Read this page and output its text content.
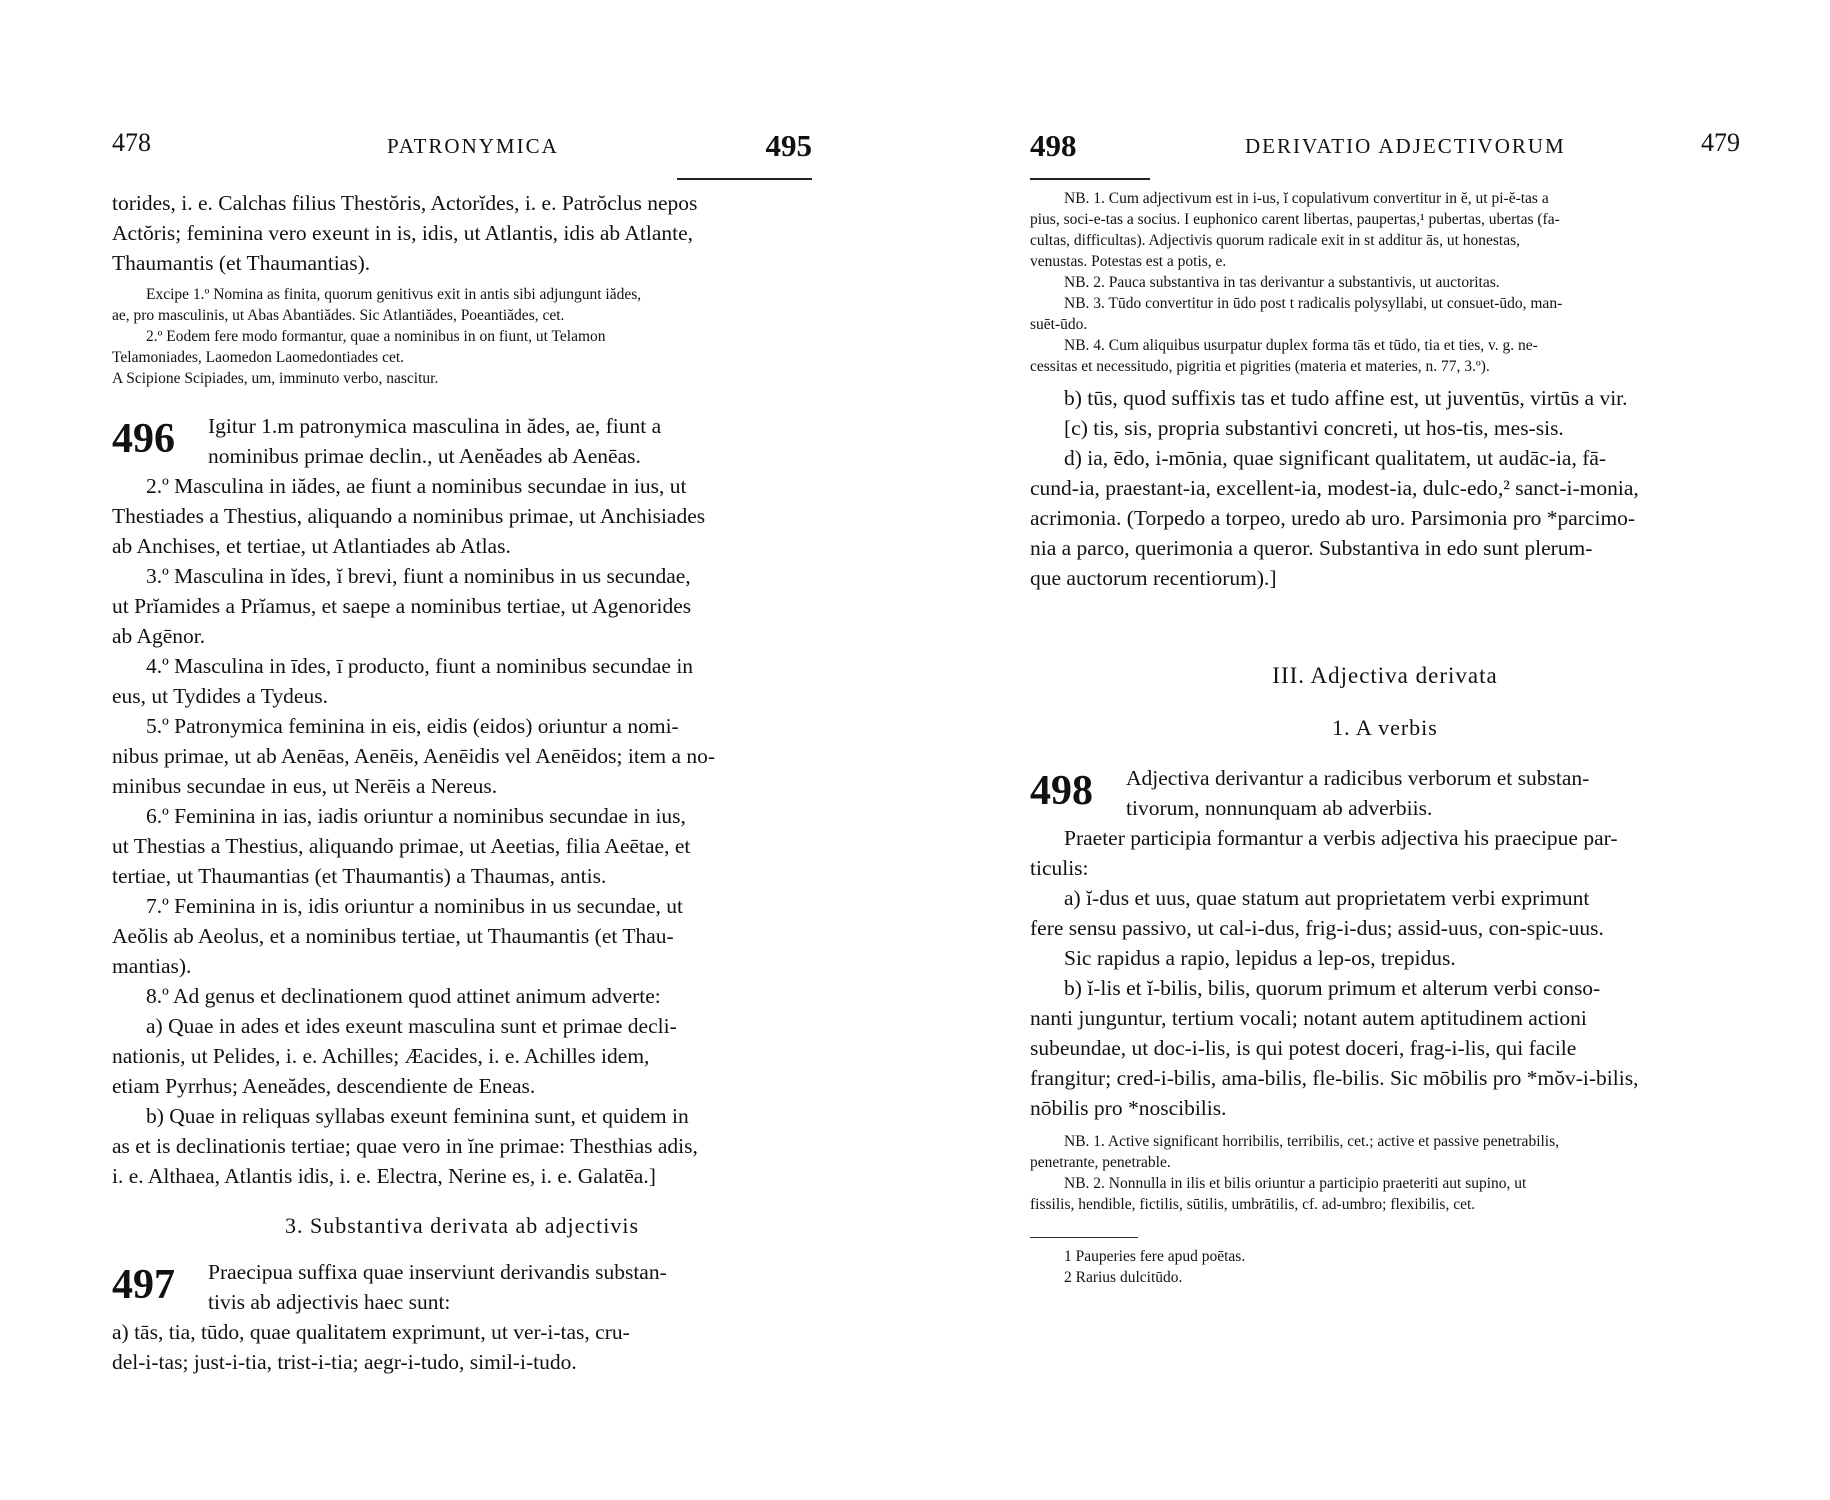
478	PATRONYMICA	495

torides, i. e. Calchas filius Thestŏris, Actorĭdes, i. e. Patrŏclus nepos

Actŏris; feminina vero exeunt in is, idis, ut Atlantis, idis ab Atlante,

Thaumantis (et Thaumantias).

Excipe 1.º Nomina as finita, quorum genitivus exit in antis sibi adjungunt iădes,

ae, pro masculinis, ut Abas Abantiădes. Sic Atlantiădes, Poeantiădes, cet.

2.º Eodem fere modo formantur, quae a nominibus in on fiunt, ut Telamon

Telamoniades, Laomedon Laomedontiades cet.

A Scipione Scipiades, um, imminuto verbo, nascitur.

496	Igitur 1.m patronymica masculina in ădes, ae, fiunt a

nominibus primae declin., ut Aenĕades ab Aenēas.

2.º Masculina in iădes, ae fiunt a nominibus secundae in ius, ut

Thestiades a Thestius, aliquando a nominibus primae, ut Anchisiades

ab Anchises, et tertiae, ut Atlantiades ab Atlas.

3.º Masculina in ĭdes, ĭ brevi, fiunt a nominibus in us secundae,

ut Prĭamides a Prĭamus, et saepe a nominibus tertiae, ut Agenorides

ab Agēnor.

4.º Masculina in īdes, ī producto, fiunt a nominibus secundae in

eus, ut Tydides a Tydeus.

5.º Patronymica feminina in eis, eidis (eidos) oriuntur a nomi-

nibus primae, ut ab Aenēas, Aenēis, Aenēidis vel Aenēidos; item a no-

minibus secundae in eus, ut Nerēis a Nereus.

6.º Feminina in ias, iadis oriuntur a nominibus secundae in ius,

ut Thestias a Thestius, aliquando primae, ut Aeetias, filia Aeētae, et

tertiae, ut Thaumantias (et Thaumantis) a Thaumas, antis.

7.º Feminina in is, idis oriuntur a nominibus in us secundae, ut

Aeŏlis ab Aeolus, et a nominibus tertiae, ut Thaumantis (et Thau-

mantias).

8.º Ad genus et declinationem quod attinet animum adverte:

a) Quae in ades et ides exeunt masculina sunt et primae decli-

nationis, ut Pelides, i. e. Achilles; Æacides, i. e. Achilles idem,

etiam Pyrrhus; Aeneădes, descendiente de Eneas.

b) Quae in reliquas syllabas exeunt feminina sunt, et quidem in

as et is declinationis tertiae; quae vero in ĭne primae: Thesthias adis,

i. e. Althaea, Atlantis idis, i. e. Electra, Nerine es, i. e. Galatēa.]

3. Substantiva derivata ab adjectivis
497	Praecipua suffixa quae inserviunt derivandis substan-

tivis ab adjectivis haec sunt:

a) tās, tia, tūdo, quae qualitatem exprimunt, ut ver-i-tas, cru-

del-i-tas; just-i-tia, trist-i-tia; aegr-i-tudo, simil-i-tudo.

498	DERIVATIO ADJECTIVORUM	479

NB. 1. Cum adjectivum est in i-us, ĭ copulativum convertitur in ĕ, ut pi-ĕ-tas a

pius, soci-e-tas a socius. I euphonico carent libertas, paupertas,¹ pubertas, ubertas (fa-

cultas, difficultas). Adjectivis quorum radicale exit in st additur ās, ut honestas,

venustas. Potestas est a potis, e.

NB. 2. Pauca substantiva in tas derivantur a substantivis, ut auctoritas.

NB. 3. Tūdo convertitur in ūdo post t radicalis polysyllabi, ut consuet-ūdo, man-

suēt-ūdo.

NB. 4. Cum aliquibus usurpatur duplex forma tās et tūdo, tia et ties, v. g. ne-

cessitas et necessitudo, pigritia et pigrities (materia et materies, n. 77, 3.º).

b) tūs, quod suffixis tas et tudo affine est, ut juventūs, virtūs a vir.

[c) tis, sis, propria substantivi concreti, ut hos-tis, mes-sis.

d) ia, ēdo, i-mōnia, quae significant qualitatem, ut audāc-ia, fā-

cund-ia, praestant-ia, excellent-ia, modest-ia, dulc-edo,² sanct-i-monia,

acrimonia. (Torpedo a torpeo, uredo ab uro. Parsimonia pro *parcimo-

nia a parco, querimonia a queror. Substantiva in edo sunt plerum-

que auctorum recentiorum).]

III. Adjectiva derivata
1. A verbis
498	Adjectiva derivantur a radicibus verborum et substan-

tivorum, nonnunquam ab adverbiis.

Praeter participia formantur a verbis adjectiva his praecipue par-

ticulis:

a) ĭ-dus et uus, quae statum aut proprietatem verbi exprimunt

fere sensu passivo, ut cal-i-dus, frig-i-dus; assid-uus, con-spic-uus.

Sic rapidus a rapio, lepidus a lep-os, trepidus.

b) ĭ-lis et ĭ-bilis, bilis, quorum primum et alterum verbi conso-

nanti junguntur, tertium vocali; notant autem aptitudinem actioni

subeundae, ut doc-i-lis, is qui potest doceri, frag-i-lis, qui facile

frangitur; cred-i-bilis, ama-bilis, fle-bilis. Sic mōbilis pro *mŏv-i-bilis,

nōbilis pro *noscibilis.

NB. 1. Active significant horribilis, terribilis, cet.; active et passive penetrabilis,

penetrante, penetrable.

NB. 2. Nonnulla in ilis et bilis oriuntur a participio praeteriti aut supino, ut

fissilis, hendible, fictilis, sūtilis, umbrātilis, cf. ad-umbro; flexibilis, cet.

1 Pauperies fere apud poētas.

2 Rarius dulcitūdo.
